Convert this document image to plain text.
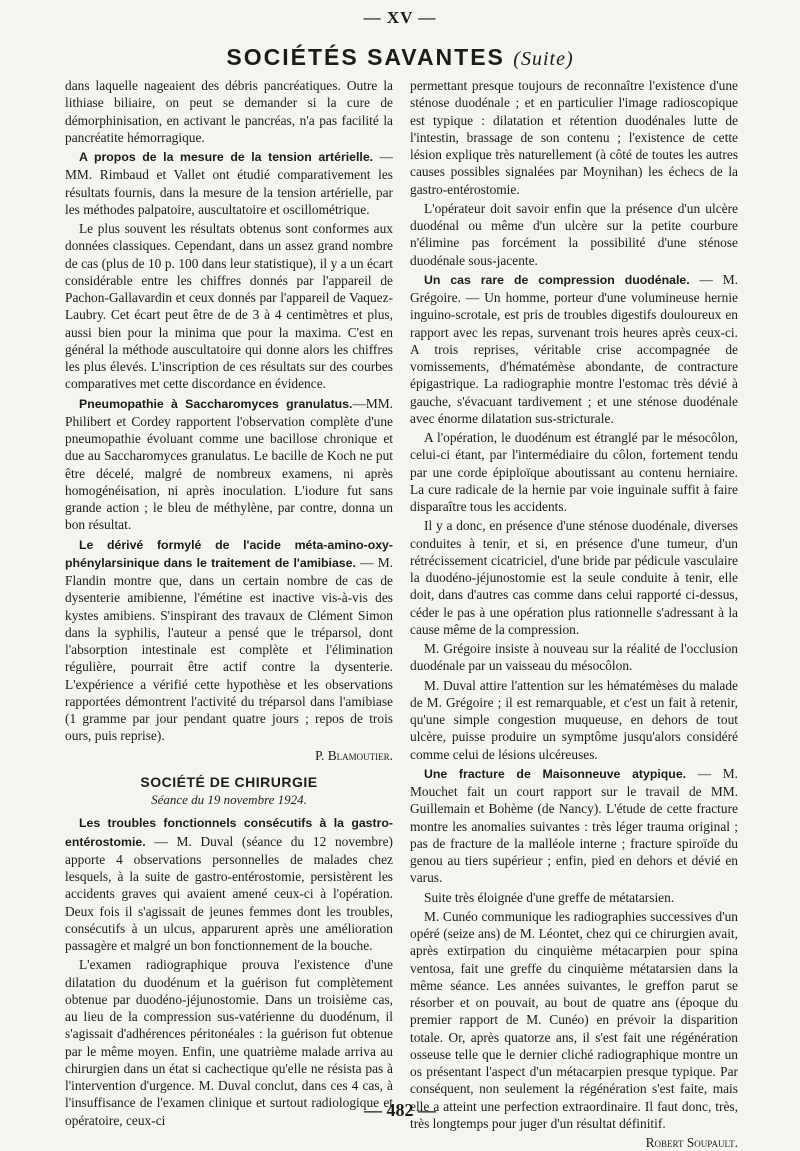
— XV —
SOCIÉTÉS SAVANTES (Suite)

dans laquelle nageaient des débris pancréatiques. Outre la lithiase biliaire, on peut se demander si la cure de démorphinisation, en activant le pancréas, n'a pas facilité la pancréatite hémorragique.

A propos de la mesure de la tension artérielle. — MM. Rimbaud et Vallet ont étudié comparativement les résultats fournis, dans la mesure de la tension artérielle, par les méthodes palpatoire, auscultatoire et oscillométrique.

Le plus souvent les résultats obtenus sont conformes aux données classiques. Cependant, dans un assez grand nombre de cas (plus de 10 p. 100 dans leur statistique), il y a un écart considérable entre les chiffres donnés par l'appareil de Pachon-Gallavardin et ceux donnés par l'appareil de Vaquez-Laubry. Cet écart peut être de de 3 à 4 centimètres et plus, aussi bien pour la minima que pour la maxima. C'est en général la méthode auscultatoire qui donne alors les chiffres les plus élevés. L'inscription de ces résultats sur des courbes comparatives met cette discordance en évidence.

Pneumopathie à Saccharomyces granulatus.—MM. Philibert et Cordey rapportent l'observation complète d'une pneumopathie évoluant comme une bacillose chronique et due au Saccharomyces granulatus. Le bacille de Koch ne put être décelé, malgré de nombreux examens, ni après homogénéisation, ni après inoculation. L'iodure fut sans grande action ; le bleu de méthylène, par contre, donna un bon résultat.

Le dérivé formylé de l'acide méta-amino-oxy-phénylarsinique dans le traitement de l'amibiase. — M. Flandin montre que, dans un certain nombre de cas de dysenterie amibienne, l'émétine est inactive vis-à-vis des kystes amibiens. S'inspirant des travaux de Clément Simon dans la syphilis, l'auteur a pensé que le tréparsol, dont l'absorption intestinale est complète et l'élimination régulière, pourrait être actif contre la dysenterie. L'expérience a vérifié cette hypothèse et les observations rapportées démontrent l'activité du tréparsol dans l'amibiase (1 gramme par jour pendant quatre jours ; repos de trois ours, puis reprise).

P. Blamoutier.
SOCIÉTÉ DE CHIRURGIE
Séance du 19 novembre 1924.

Les troubles fonctionnels consécutifs à la gastro-entérostomie. — M. Duval (séance du 12 novembre) apporte 4 observations personnelles de malades chez lesquels, à la suite de gastro-entérostomie, persistèrent les accidents graves qui avaient amené ceux-ci à l'opération. Deux fois il s'agissait de jeunes femmes dont les troubles, consécutifs à un ulcus, apparurent après une amélioration passagère et malgré un bon fonctionnement de la bouche.

L'examen radiographique prouva l'existence d'une dilatation du duodénum et la guérison fut complètement obtenue par duodéno-jéjunostomie. Dans un troisième cas, au lieu de la compression sus-vatérienne du duodénum, il s'agissait d'adhérences péritonéales : la guérison fut obtenue par le même moyen. Enfin, une quatrième malade arriva au chirurgien dans un état si cachectique qu'elle ne résista pas à l'intervention d'urgence. M. Duval conclut, dans ces 4 cas, à l'insuffisance de l'examen clinique et surtout radiologique et opératoire, ceux-ci

permettant presque toujours de reconnaître l'existence d'une sténose duodénale ; et en particulier l'image radioscopique est typique : dilatation et rétention duodénales lutte de l'intestin, brassage de son contenu ; l'existence de cette lésion explique très naturellement (à côté de toutes les autres causes possibles signalées par Moynihan) les échecs de la gastro-entérostomie.

L'opérateur doit savoir enfin que la présence d'un ulcère duodénal ou même d'un ulcère sur la petite courbure n'élimine pas forcément la possibilité d'une sténose duodénale sous-jacente.

Un cas rare de compression duodénale. — M. Grégoire. — Un homme, porteur d'une volumineuse hernie inguino-scrotale, est pris de troubles digestifs douloureux en rapport avec les repas, survenant trois heures après ceux-ci. A trois reprises, véritable crise accompagnée de vomissements, d'hématémèse abondante, de contracture épigastrique. La radiographie montre l'estomac très dévié à gauche, s'évacuant tardivement ; et une sténose duodénale avec énorme dilatation sus-stricturale.

A l'opération, le duodénum est étranglé par le mésocôlon, celui-ci étant, par l'intermédiaire du côlon, fortement tendu par une corde épiploïque aboutissant au contenu herniaire. La cure radicale de la hernie par voie inguinale suffit à faire disparaître tous les accidents.

Il y a donc, en présence d'une sténose duodénale, diverses conduites à tenir, et si, en présence d'une tumeur, d'un rétrécissement cicatriciel, d'une bride par pédicule vasculaire la duodéno-jéjunostomie est la seule conduite à tenir, elle doit, dans d'autres cas comme dans celui rapporté ci-dessus, céder le pas à une opération plus rationnelle s'adressant à la cause même de la compression.

M. Grégoire insiste à nouveau sur la réalité de l'occlusion duodénale par un vaisseau du mésocôlon.

M. Duval attire l'attention sur les hématémèses du malade de M. Grégoire ; il est remarquable, et c'est un fait à retenir, qu'une simple congestion muqueuse, en dehors de tout ulcère, puisse produire un symptôme jusqu'alors considéré comme celui de lésions ulcéreuses.

Une fracture de Maisonneuve atypique. — M. Mouchet fait un court rapport sur le travail de MM. Guillemain et Bohème (de Nancy). L'étude de cette fracture montre les anomalies suivantes : très léger trauma original ; pas de fracture de la malléole interne ; fracture spiroïde du genou au tiers supérieur ; enfin, pied en dehors et dévié en varus.

Suite très éloignée d'une greffe de métatarsien.

M. Cunéo communique les radiographies successives d'un opéré (seize ans) de M. Léontet, chez qui ce chirurgien avait, après extirpation du cinquième métacarpien pour spina ventosa, fait une greffe du cinquième métatarsien dans la même séance. Les années suivantes, le greffon parut se résorber et on pouvait, au bout de quatre ans (époque du premier rapport de M. Cunéo) en prévoir la disparition totale. Or, après quatorze ans, il s'est fait une régénération osseuse telle que le dernier cliché radiographique montre un os présentant l'aspect d'un métacarpien presque typique. Par conséquent, non seulement la régénération s'est faite, mais elle a atteint une perfection extraordinaire. Il faut donc, très, très longtemps pour juger d'un résultat définitif.

Robert Soupault.
— 482 —
